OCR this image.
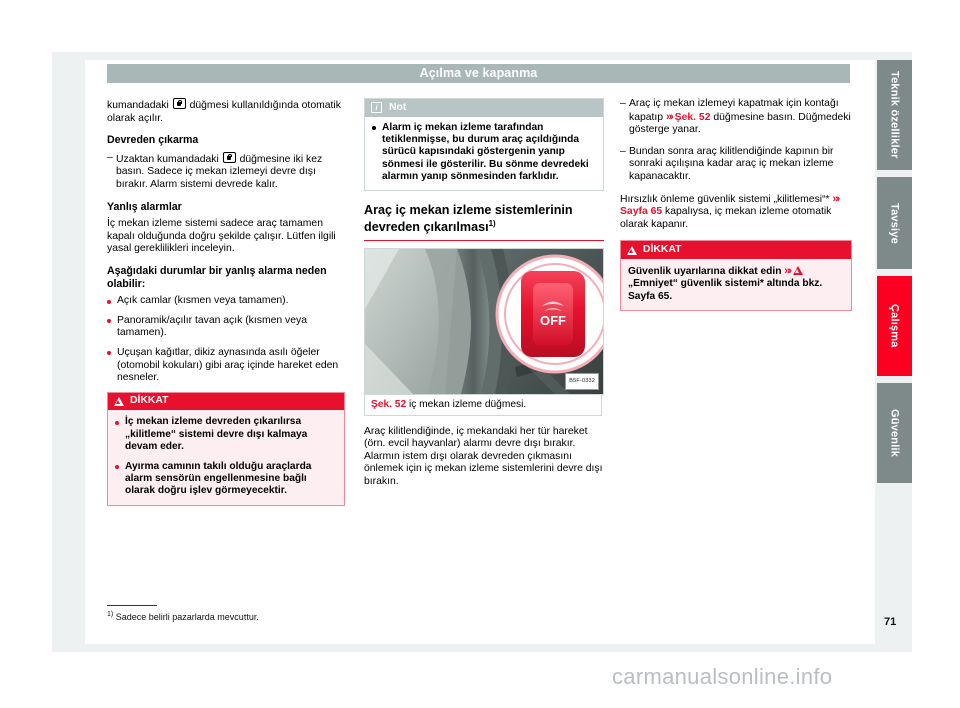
Açılma ve kapanma

kumandadaki  düğmesi kullanıldığında otomatik olarak açılır.

Devreden çıkarma
– Uzaktan kumandadaki  düğmesine iki kez basın. Sadece iç mekan izlemeyi devre dışı bırakır. Alarm sistemi devrede kalır.
Yanlış alarmlar

İç mekan izleme sistemi sadece araç tamamen kapalı olduğunda doğru şekilde çalışır. Lütfen ilgili yasal gereklilikleri inceleyin.

Aşağıdaki durumlar bir yanlış alarma neden olabilir:
Açık camlar (kısmen veya tamamen).
Panoramik/açılır tavan açık (kısmen veya tamamen).
Uçuşan kağıtlar, dikiz aynasında asılı öğeler (otomobil kokuları) gibi araç içinde hareket eden nesneler.
DİKKAT
İç mekan izleme devreden çıkarılırsa „kilitleme“ sistemi devre dışı kalmaya devam eder.
Ayırma camının takılı olduğu araçlarda alarm sensörün engellenmesine bağlı olarak doğru işlev görmeyecektir.
i	Not
Alarm iç mekan izleme tarafından tetiklenmişse, bu durum araç açıldığında sürücü kapısındaki göstergenin yanıp sönmesi ile gösterilir. Bu sönme devredeki alarmın yanıp sönmesinden farklıdır.
Araç iç mekan izleme sistemlerinin devreden çıkarılması$^{1)}$
OFF
B5F-0332
Şek. 52 iç mekan izleme düğmesi.

Araç kilitlendiğinde, iç mekandaki her tür hareket (örn. evcil hayvanlar) alarmı devre dışı bırakır. Alarmın istem dışı olarak devreden çıkmasını önlemek için iç mekan izleme sistemlerini devre dışı bırakın.

– Araç iç mekan izlemeyi kapatmak için kontağı kapatıp »› Şek. 52 düğmesine basın. Düğmedeki gösterge yanar.
– Bundan sonra araç kilitlendiğinde kapının bir sonraki açılışına kadar araç iç mekan izleme kapanacaktır.

Hırsızlık önleme güvenlik sistemi „kilitlemesi“* »› Sayfa 65 kapalıysa, iç mekan izleme otomatik olarak kapanır.

DİKKAT
Güvenlik uyarılarına dikkat edin »›  „Emniyet“ güvenlik sistemi* altında bkz. Sayfa 65.
$^{1)}$ Sadece belirli pazarlarda mevcuttur.
Teknik özellikler
Tavsiye
Çalışma
Güvenlik
71
carmanualsonline.info
